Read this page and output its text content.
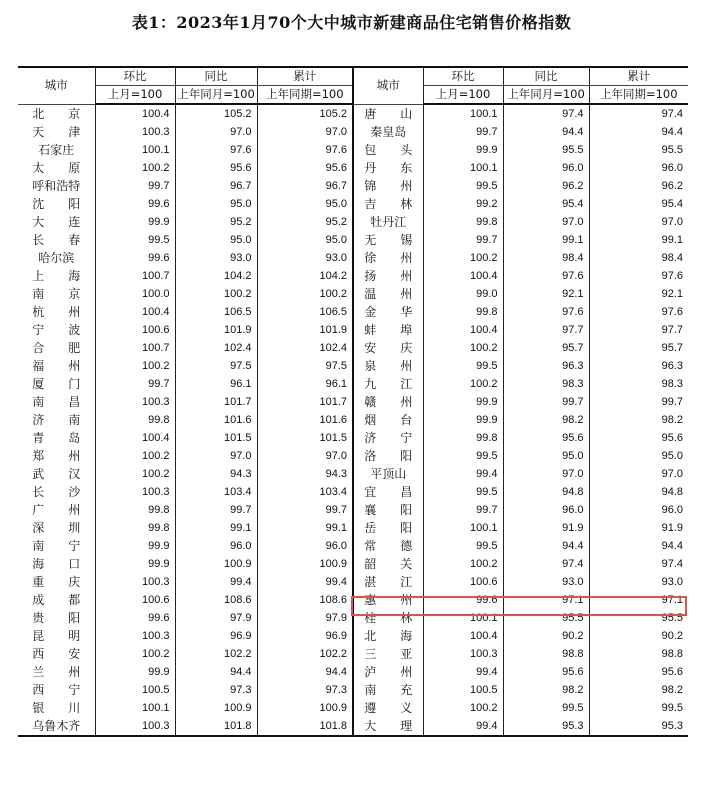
表1：2023年1月70个大中城市新建商品住宅销售价格指数
城市	环比	同比	累计	城市	环比	同比	累计
	上月=100	上年同月=100	上年同期=100		上月=100	上年同月=100	上年同期=100
北　　京	100.4	105.2	105.2	唐　　山	100.1	97.4	97.4
天　　津	100.3	97.0	97.0	秦皇岛	99.7	94.4	94.4
石家庄	100.1	97.6	97.6	包　　头	99.9	95.5	95.5
太　　原	100.2	95.6	95.6	丹　　东	100.1	96.0	96.0
呼和浩特	99.7	96.7	96.7	锦　　州	99.5	96.2	96.2
沈　　阳	99.6	95.0	95.0	吉　　林	99.2	95.4	95.4
大　　连	99.9	95.2	95.2	牡丹江	99.8	97.0	97.0
长　　春	99.5	95.0	95.0	无　　锡	99.7	99.1	99.1
哈尔滨	99.6	93.0	93.0	徐　　州	100.2	98.4	98.4
上　　海	100.7	104.2	104.2	扬　　州	100.4	97.6	97.6
南　　京	100.0	100.2	100.2	温　　州	99.0	92.1	92.1
杭　　州	100.4	106.5	106.5	金　　华	99.8	97.6	97.6
宁　　波	100.6	101.9	101.9	蚌　　埠	100.4	97.7	97.7
合　　肥	100.7	102.4	102.4	安　　庆	100.2	95.7	95.7
福　　州	100.2	97.5	97.5	泉　　州	99.5	96.3	96.3
厦　　门	99.7	96.1	96.1	九　　江	100.2	98.3	98.3
南　　昌	100.3	101.7	101.7	赣　　州	99.9	99.7	99.7
济　　南	99.8	101.6	101.6	烟　　台	99.9	98.2	98.2
青　　岛	100.4	101.5	101.5	济　　宁	99.8	95.6	95.6
郑　　州	100.2	97.0	97.0	洛　　阳	99.5	95.0	95.0
武　　汉	100.2	94.3	94.3	平顶山	99.4	97.0	97.0
长　　沙	100.3	103.4	103.4	宜　　昌	99.5	94.8	94.8
广　　州	99.8	99.7	99.7	襄　　阳	99.7	96.0	96.0
深　　圳	99.8	99.1	99.1	岳　　阳	100.1	91.9	91.9
南　　宁	99.9	96.0	96.0	常　　德	99.5	94.4	94.4
海　　口	99.9	100.9	100.9	韶　　关	100.2	97.4	97.4
重　　庆	100.3	99.4	99.4	湛　　江	100.6	93.0	93.0
成　　都	100.6	108.6	108.6	惠　　州	99.6	97.1	97.1
贵　　阳	99.6	97.9	97.9	桂　　林	100.1	95.5	95.5
昆　　明	100.3	96.9	96.9	北　　海	100.4	90.2	90.2
西　　安	100.2	102.2	102.2	三　　亚	100.3	98.8	98.8
兰　　州	99.9	94.4	94.4	泸　　州	99.4	95.6	95.6
西　　宁	100.5	97.3	97.3	南　　充	100.5	98.2	98.2
银　　川	100.1	100.9	100.9	遵　　义	100.2	99.5	99.5
乌鲁木齐	100.3	101.8	101.8	大　　理	99.4	95.3	95.3
